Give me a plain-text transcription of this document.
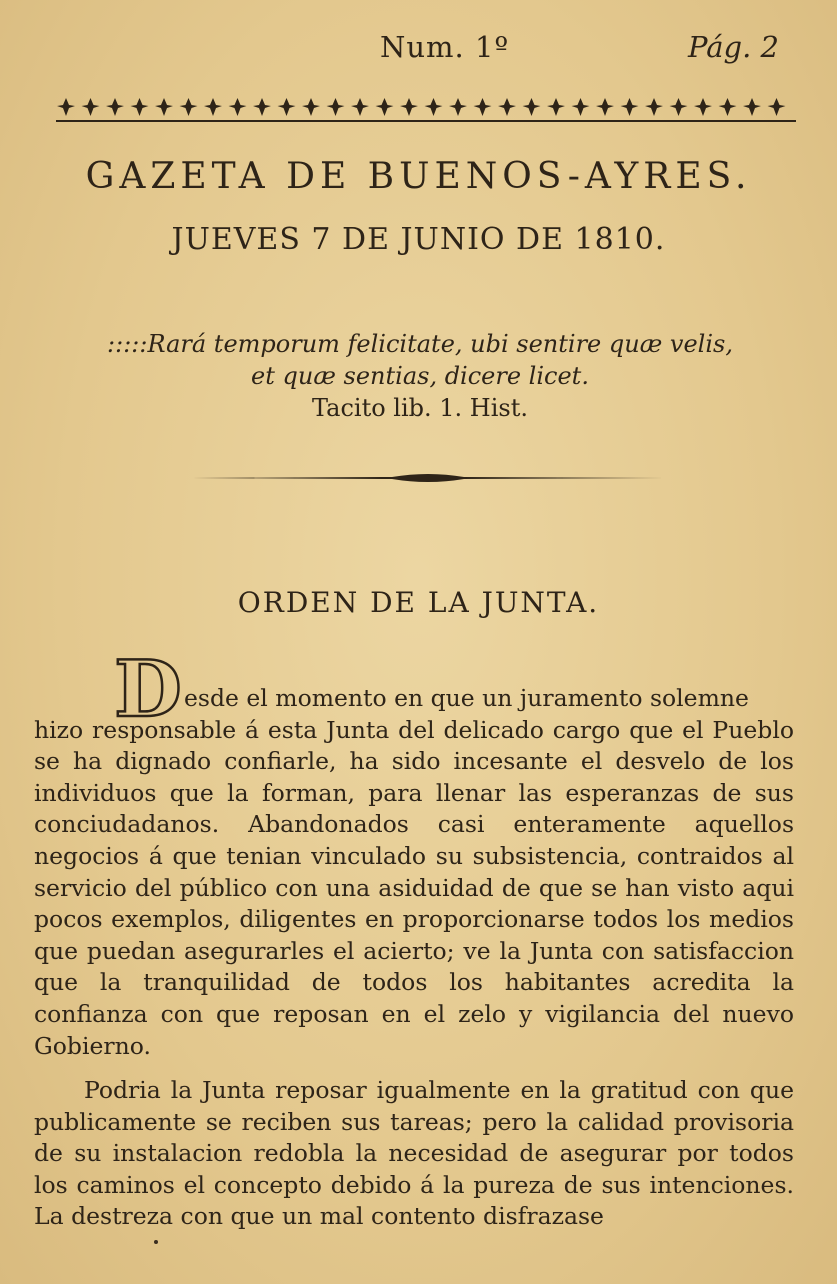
Num. 1º	Pág. 2
GAZETA DE BUENOS-AYRES.
JUEVES 7 DE JUNIO DE 1810.
:::::Rará temporum felicitate, ubi sentire quæ velis,
et quæ sentias, dicere licet.
Tacito lib. 1. Hist.
ORDEN DE LA JUNTA.
D esde el momento en que un juramento solemne
hizo responsable á esta Junta del delicado cargo que el Pueblo se ha dignado confiarle, ha sido incesante el desvelo de los individuos que la forman, para llenar las esperanzas de sus conciudadanos. Abandonados casi enteramente aquellos negocios á que tenian vinculado su subsistencia, contraidos al servicio del público con una asiduidad de que se han visto aqui pocos exemplos, diligentes en proporcionarse todos los medios que puedan asegurarles el acierto; ve la Junta con satisfaccion que la tranquilidad de todos los habitantes acredita la confianza con que reposan en el zelo y vigilancia del nuevo Gobierno.
Podria la Junta reposar igualmente en la gratitud con que publicamente se reciben sus tareas; pero la calidad provisoria de su instalacion redobla la necesidad de asegurar por todos los caminos el concepto debido á la pureza de sus intenciones. La destreza con que un mal contento disfrazase
